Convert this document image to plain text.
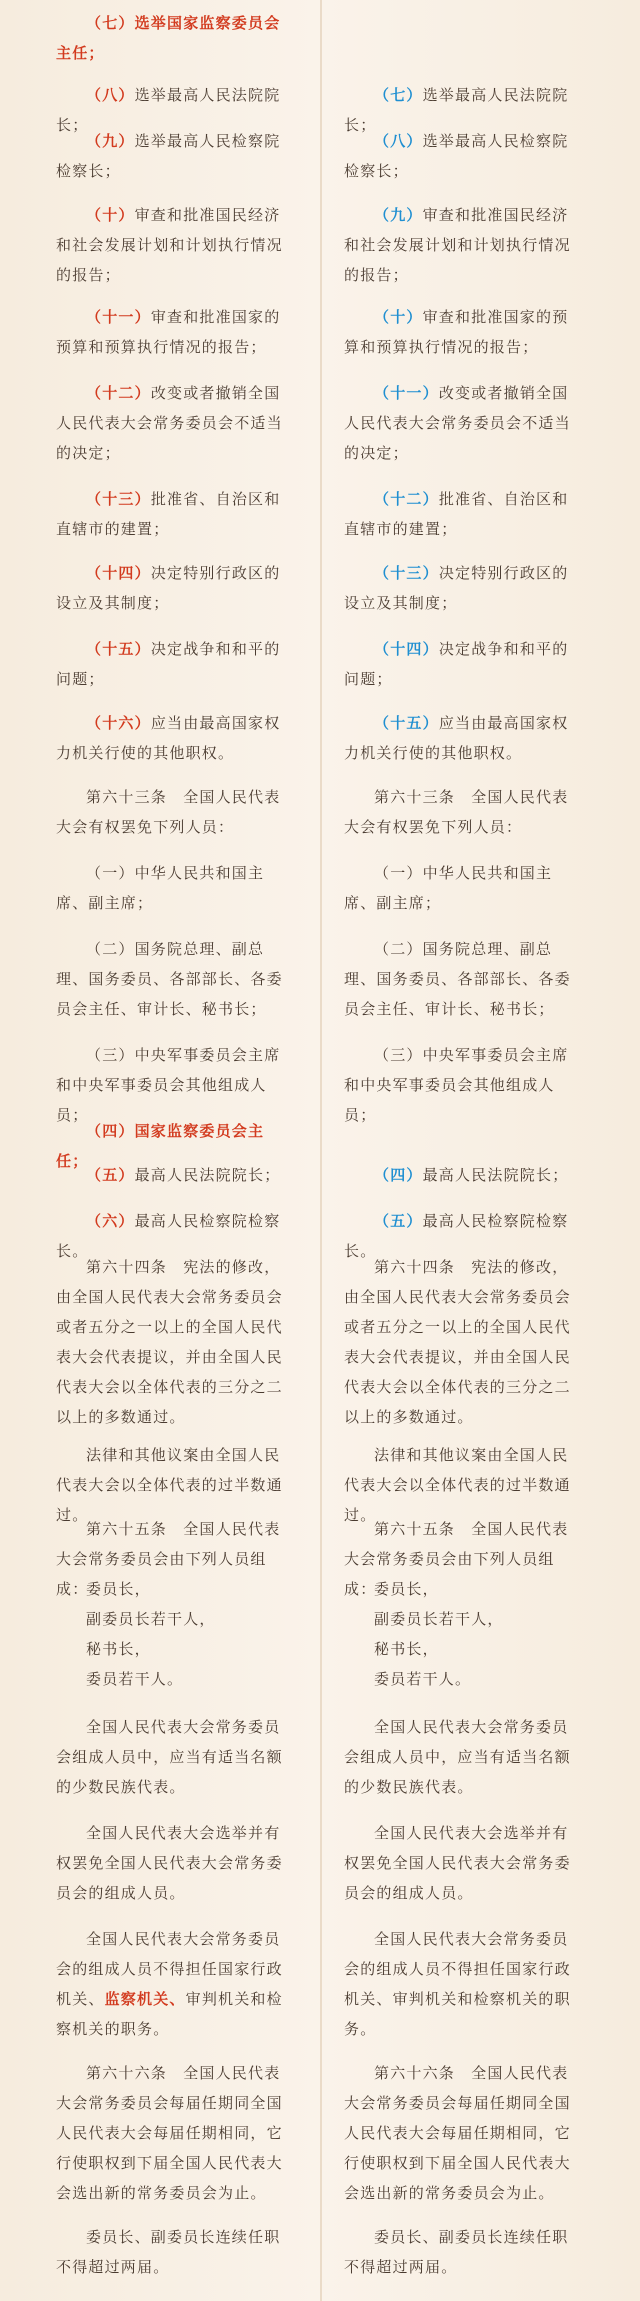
（七）选举国家监察委员会主任；
（八）选举最高人民法院院长；
（九）选举最高人民检察院检察长；
（十）审查和批准国民经济和社会发展计划和计划执行情况的报告；
（十一）审查和批准国家的预算和预算执行情况的报告；
（十二）改变或者撤销全国人民代表大会常务委员会不适当的决定；
（十三）批准省、自治区和直辖市的建置；
（十四）决定特别行政区的设立及其制度；
（十五）决定战争和和平的问题；
（十六）应当由最高国家权力机关行使的其他职权。
第六十三条　全国人民代表大会有权罢免下列人员：
（一）中华人民共和国主席、副主席；
（二）国务院总理、副总理、国务委员、各部部长、各委员会主任、审计长、秘书长；
（三）中央军事委员会主席和中央军事委员会其他组成人员；
（四）国家监察委员会主任；
（五）最高人民法院院长；
（六）最高人民检察院检察长。
第六十四条　宪法的修改，由全国人民代表大会常务委员会或者五分之一以上的全国人民代表大会代表提议，并由全国人民代表大会以全体代表的三分之二以上的多数通过。
法律和其他议案由全国人民代表大会以全体代表的过半数通过。
第六十五条　全国人民代表大会常务委员会由下列人员组成：
委员长，
副委员长若干人，
秘书长，
委员若干人。
全国人民代表大会常务委员会组成人员中，应当有适当名额的少数民族代表。
全国人民代表大会选举并有权罢免全国人民代表大会常务委员会的组成人员。
全国人民代表大会常务委员会的组成人员不得担任国家行政机关、监察机关、审判机关和检察机关的职务。
第六十六条　全国人民代表大会常务委员会每届任期同全国人民代表大会每届任期相同，它行使职权到下届全国人民代表大会选出新的常务委员会为止。
委员长、副委员长连续任职不得超过两届。
（七）选举最高人民法院院长；
（八）选举最高人民检察院检察长；
（九）审查和批准国民经济和社会发展计划和计划执行情况的报告；
（十）审查和批准国家的预算和预算执行情况的报告；
（十一）改变或者撤销全国人民代表大会常务委员会不适当的决定；
（十二）批准省、自治区和直辖市的建置；
（十三）决定特别行政区的设立及其制度；
（十四）决定战争和和平的问题；
（十五）应当由最高国家权力机关行使的其他职权。
第六十三条　全国人民代表大会有权罢免下列人员：
（一）中华人民共和国主席、副主席；
（二）国务院总理、副总理、国务委员、各部部长、各委员会主任、审计长、秘书长；
（三）中央军事委员会主席和中央军事委员会其他组成人员；
（四）最高人民法院院长；
（五）最高人民检察院检察长。
第六十四条　宪法的修改，由全国人民代表大会常务委员会或者五分之一以上的全国人民代表大会代表提议，并由全国人民代表大会以全体代表的三分之二以上的多数通过。
法律和其他议案由全国人民代表大会以全体代表的过半数通过。
第六十五条　全国人民代表大会常务委员会由下列人员组成：
委员长，
副委员长若干人，
秘书长，
委员若干人。
全国人民代表大会常务委员会组成人员中，应当有适当名额的少数民族代表。
全国人民代表大会选举并有权罢免全国人民代表大会常务委员会的组成人员。
全国人民代表大会常务委员会的组成人员不得担任国家行政机关、审判机关和检察机关的职务。
第六十六条　全国人民代表大会常务委员会每届任期同全国人民代表大会每届任期相同，它行使职权到下届全国人民代表大会选出新的常务委员会为止。
委员长、副委员长连续任职不得超过两届。
